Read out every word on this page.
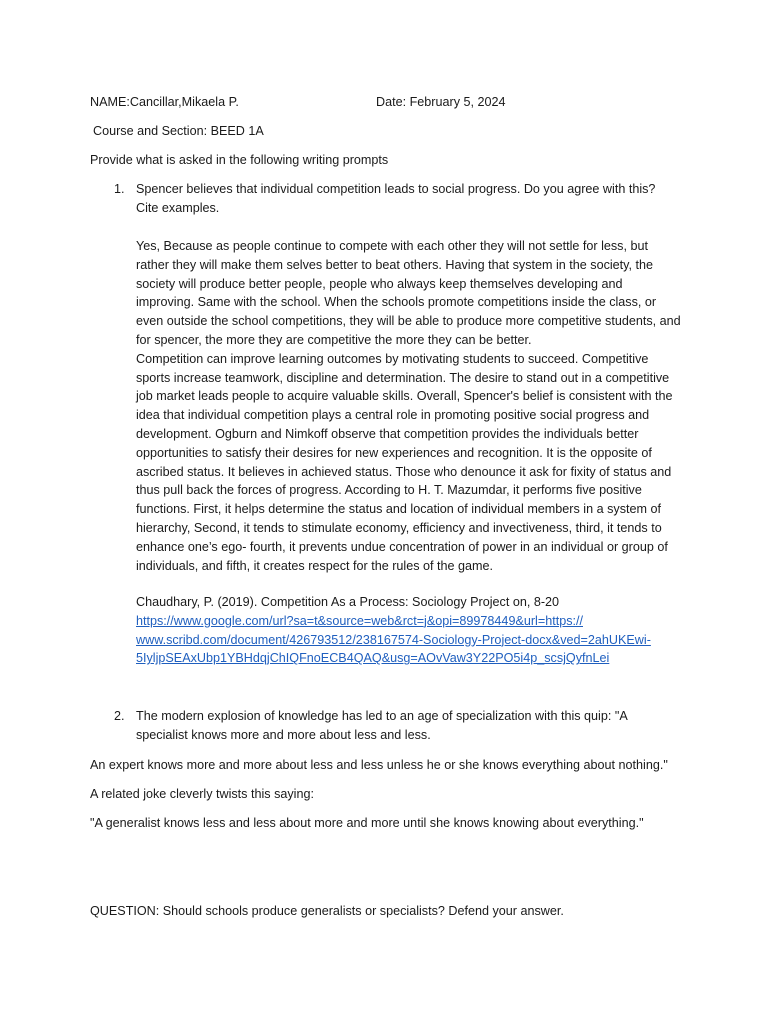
NAME:Cancillar,Mikaela P.	Date: February 5, 2024
Course and Section: BEED 1A
Provide what is asked in the following writing prompts
1. Spencer believes that individual competition leads to social progress. Do you agree with this? Cite examples.

Yes, Because as people continue to compete with each other they will not settle for less, but rather they will make them selves better to beat others. Having that system in the society, the society will produce better people, people who always keep themselves developing and improving. Same with the school. When the schools promote competitions inside the class, or even outside the school competitions, they will be able to produce more competitive students, and for spencer, the more they are competitive the more they can be better.

Competition can improve learning outcomes by motivating students to succeed. Competitive sports increase teamwork, discipline and determination. The desire to stand out in a competitive job market leads people to acquire valuable skills. Overall, Spencer's belief is consistent with the idea that individual competition plays a central role in promoting positive social progress and development. Ogburn and Nimkoff observe that competition provides the individuals better opportunities to satisfy their desires for new experiences and recognition. It is the opposite of ascribed status. It believes in achieved status. Those who denounce it ask for fixity of status and thus pull back the forces of progress. According to H. T. Mazumdar, it performs five positive functions. First, it helps determine the status and location of individual members in a system of hierarchy, Second, it tends to stimulate economy, efficiency and invectiveness, third, it tends to enhance one’s ego- fourth, it prevents undue concentration of power in an individual or group of individuals, and fifth, it creates respect for the rules of the game.

Chaudhary, P. (2019). Competition As a Process: Sociology Project on, 8-20

https://www.google.com/url?sa=t&source=web&rct=j&opi=89978449&url=https://
www.scribd.com/document/426793512/238167574-Sociology-Project-docx&ved=2ahUKEwi-
5IyljpSEAxUbp1YBHdqjChIQFnoECB4QAQ&usg=AOvVaw3Y22PO5i4p_scsjQyfnLei
2. The modern explosion of knowledge has led to an age of specialization with this quip: "A specialist knows more and more about less and less.
An expert knows more and more about less and less unless he or she knows everything about nothing."
A related joke cleverly twists this saying:
"A generalist knows less and less about more and more until she knows knowing about everything."
QUESTION: Should schools produce generalists or specialists? Defend your answer.
